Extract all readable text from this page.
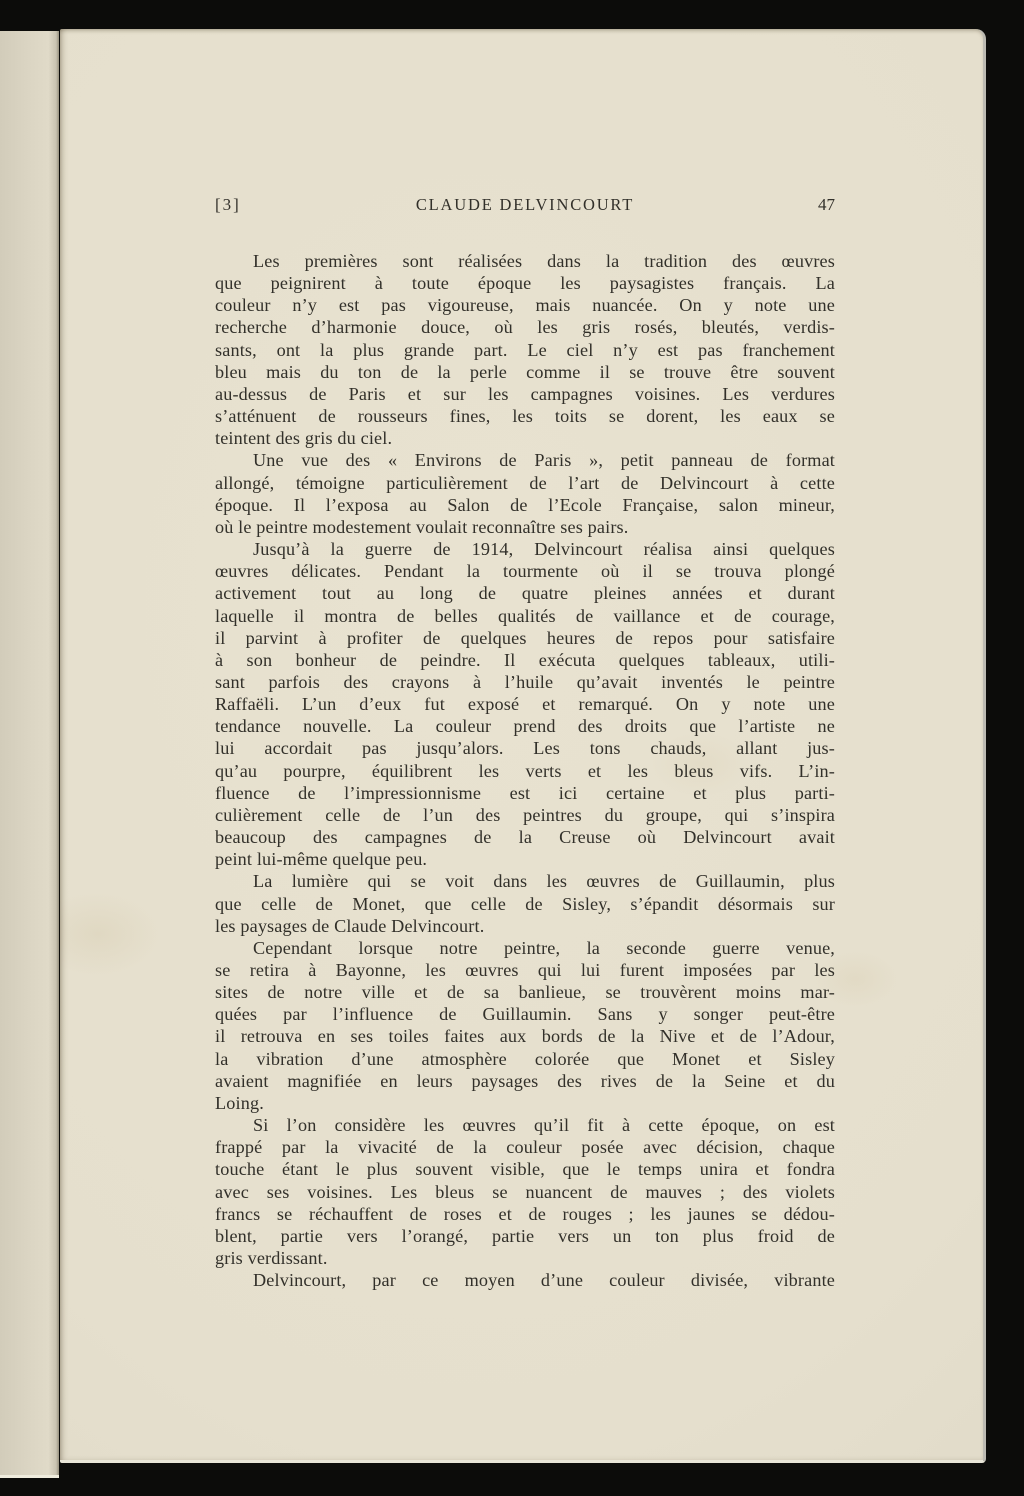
[3]	CLAUDE DELVINCOURT	47
Les premières sont réalisées dans la tradition des œuvres
que peignirent à toute époque les paysagistes français. La
couleur n’y est pas vigoureuse, mais nuancée. On y note une
recherche d’harmonie douce, où les gris rosés, bleutés, verdis-
sants, ont la plus grande part. Le ciel n’y est pas franchement
bleu mais du ton de la perle comme il se trouve être souvent
au-dessus de Paris et sur les campagnes voisines. Les verdures
s’atténuent de rousseurs fines, les toits se dorent, les eaux se
teintent des gris du ciel.
Une vue des « Environs de Paris », petit panneau de format
allongé, témoigne particulièrement de l’art de Delvincourt à cette
époque. Il l’exposa au Salon de l’Ecole Française, salon mineur,
où le peintre modestement voulait reconnaître ses pairs.
Jusqu’à la guerre de 1914, Delvincourt réalisa ainsi quelques
œuvres délicates. Pendant la tourmente où il se trouva plongé
activement tout au long de quatre pleines années et durant
laquelle il montra de belles qualités de vaillance et de courage,
il parvint à profiter de quelques heures de repos pour satisfaire
à son bonheur de peindre. Il exécuta quelques tableaux, utili-
sant parfois des crayons à l’huile qu’avait inventés le peintre
Raffaëli. L’un d’eux fut exposé et remarqué. On y note une
tendance nouvelle. La couleur prend des droits que l’artiste ne
lui accordait pas jusqu’alors. Les tons chauds, allant jus-
qu’au pourpre, équilibrent les verts et les bleus vifs. L’in-
fluence de l’impressionnisme est ici certaine et plus parti-
culièrement celle de l’un des peintres du groupe, qui s’inspira
beaucoup des campagnes de la Creuse où Delvincourt avait
peint lui-même quelque peu.
La lumière qui se voit dans les œuvres de Guillaumin, plus
que celle de Monet, que celle de Sisley, s’épandit désormais sur
les paysages de Claude Delvincourt.
Cependant lorsque notre peintre, la seconde guerre venue,
se retira à Bayonne, les œuvres qui lui furent imposées par les
sites de notre ville et de sa banlieue, se trouvèrent moins mar-
quées par l’influence de Guillaumin. Sans y songer peut-être
il retrouva en ses toiles faites aux bords de la Nive et de l’Adour,
la vibration d’une atmosphère colorée que Monet et Sisley
avaient magnifiée en leurs paysages des rives de la Seine et du
Loing.
Si l’on considère les œuvres qu’il fit à cette époque, on est
frappé par la vivacité de la couleur posée avec décision, chaque
touche étant le plus souvent visible, que le temps unira et fondra
avec ses voisines. Les bleus se nuancent de mauves ; des violets
francs se réchauffent de roses et de rouges ; les jaunes se dédou-
blent, partie vers l’orangé, partie vers un ton plus froid de
gris verdissant.
Delvincourt, par ce moyen d’une couleur divisée, vibrante
